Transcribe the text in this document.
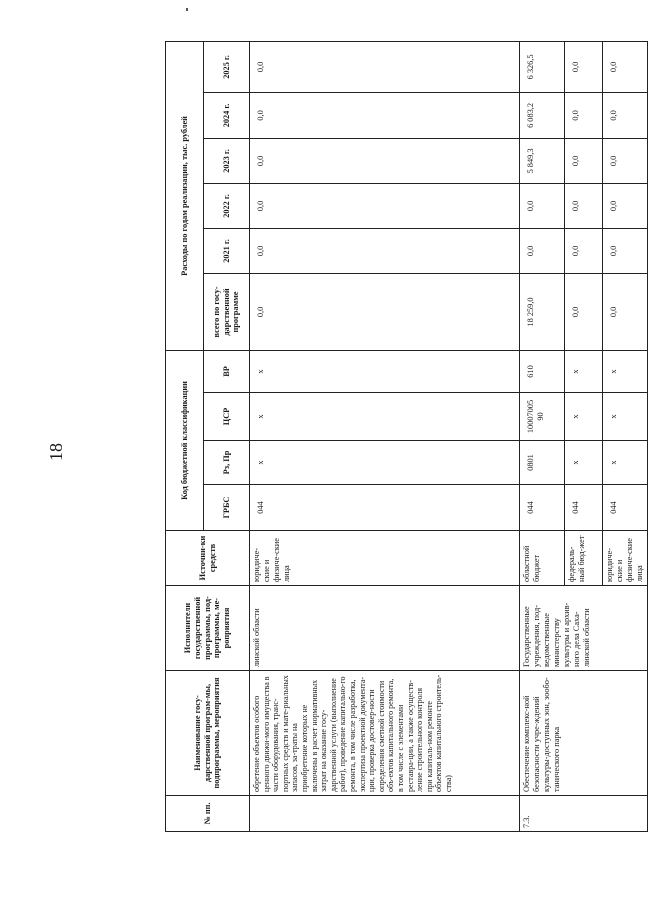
18
№ пп.	Наименование госу-дарственной програм-мы, подпрограммы, мероприятия	Исполнители государственной программы, под-программы, ме-роприятия	Источни-ки средств	Код бюджетной классификации				Расходы по годам реализации, тыс. рублей					
				ГРБС	Рз, Пр	ЦСР	ВР	всего по госу-дарственной программе	2021 г.	2022 г.	2023 г.	2024 г.	2025 г.
	обретение объектов особого ценного движи-мого имущества в части оборудования, транс-портных средств и мате-риальных запасов, за-траты на приобретение которых не включены в расчет нормативных затрат на оказание госу-дарственной услуги (выполнение работ), проведение капитально-го ремонта, в том числе разработка, экспертиза проектной документа-ции, проверка достовер-ности определения сметной стоимости объ-ектов капитального ремонта, в том числе с элементами реставра-ции, а также осуществ-ление строительного контроля при капиталь-ном ремонте объектов капитального строитель-ства)	линской области	юридиче-ские и физиче-ские лица	044	x	x	x	0,0	0,0	0,0	0,0	0,0	0,0
7.3.	Обеспечение комплекс-ной безопасности учре-ждений культуры-доступных зон, зообо-танического парка	Государственные учреждения, под-ведомственные министерству культуры и архив-ного дела Саха-линской области	областной бюджет	044	0801	10007005 90	610	18 259,0	0,0	0,0	5 849,3	6 083,2	6 326,5
			федераль-ный бюд-жет	044	x	x	x	0,0	0,0	0,0	0,0	0,0	0,0
			юридиче-ские и физиче-ские лица	044	x	x	x	0,0	0,0	0,0	0,0	0,0	0,0
